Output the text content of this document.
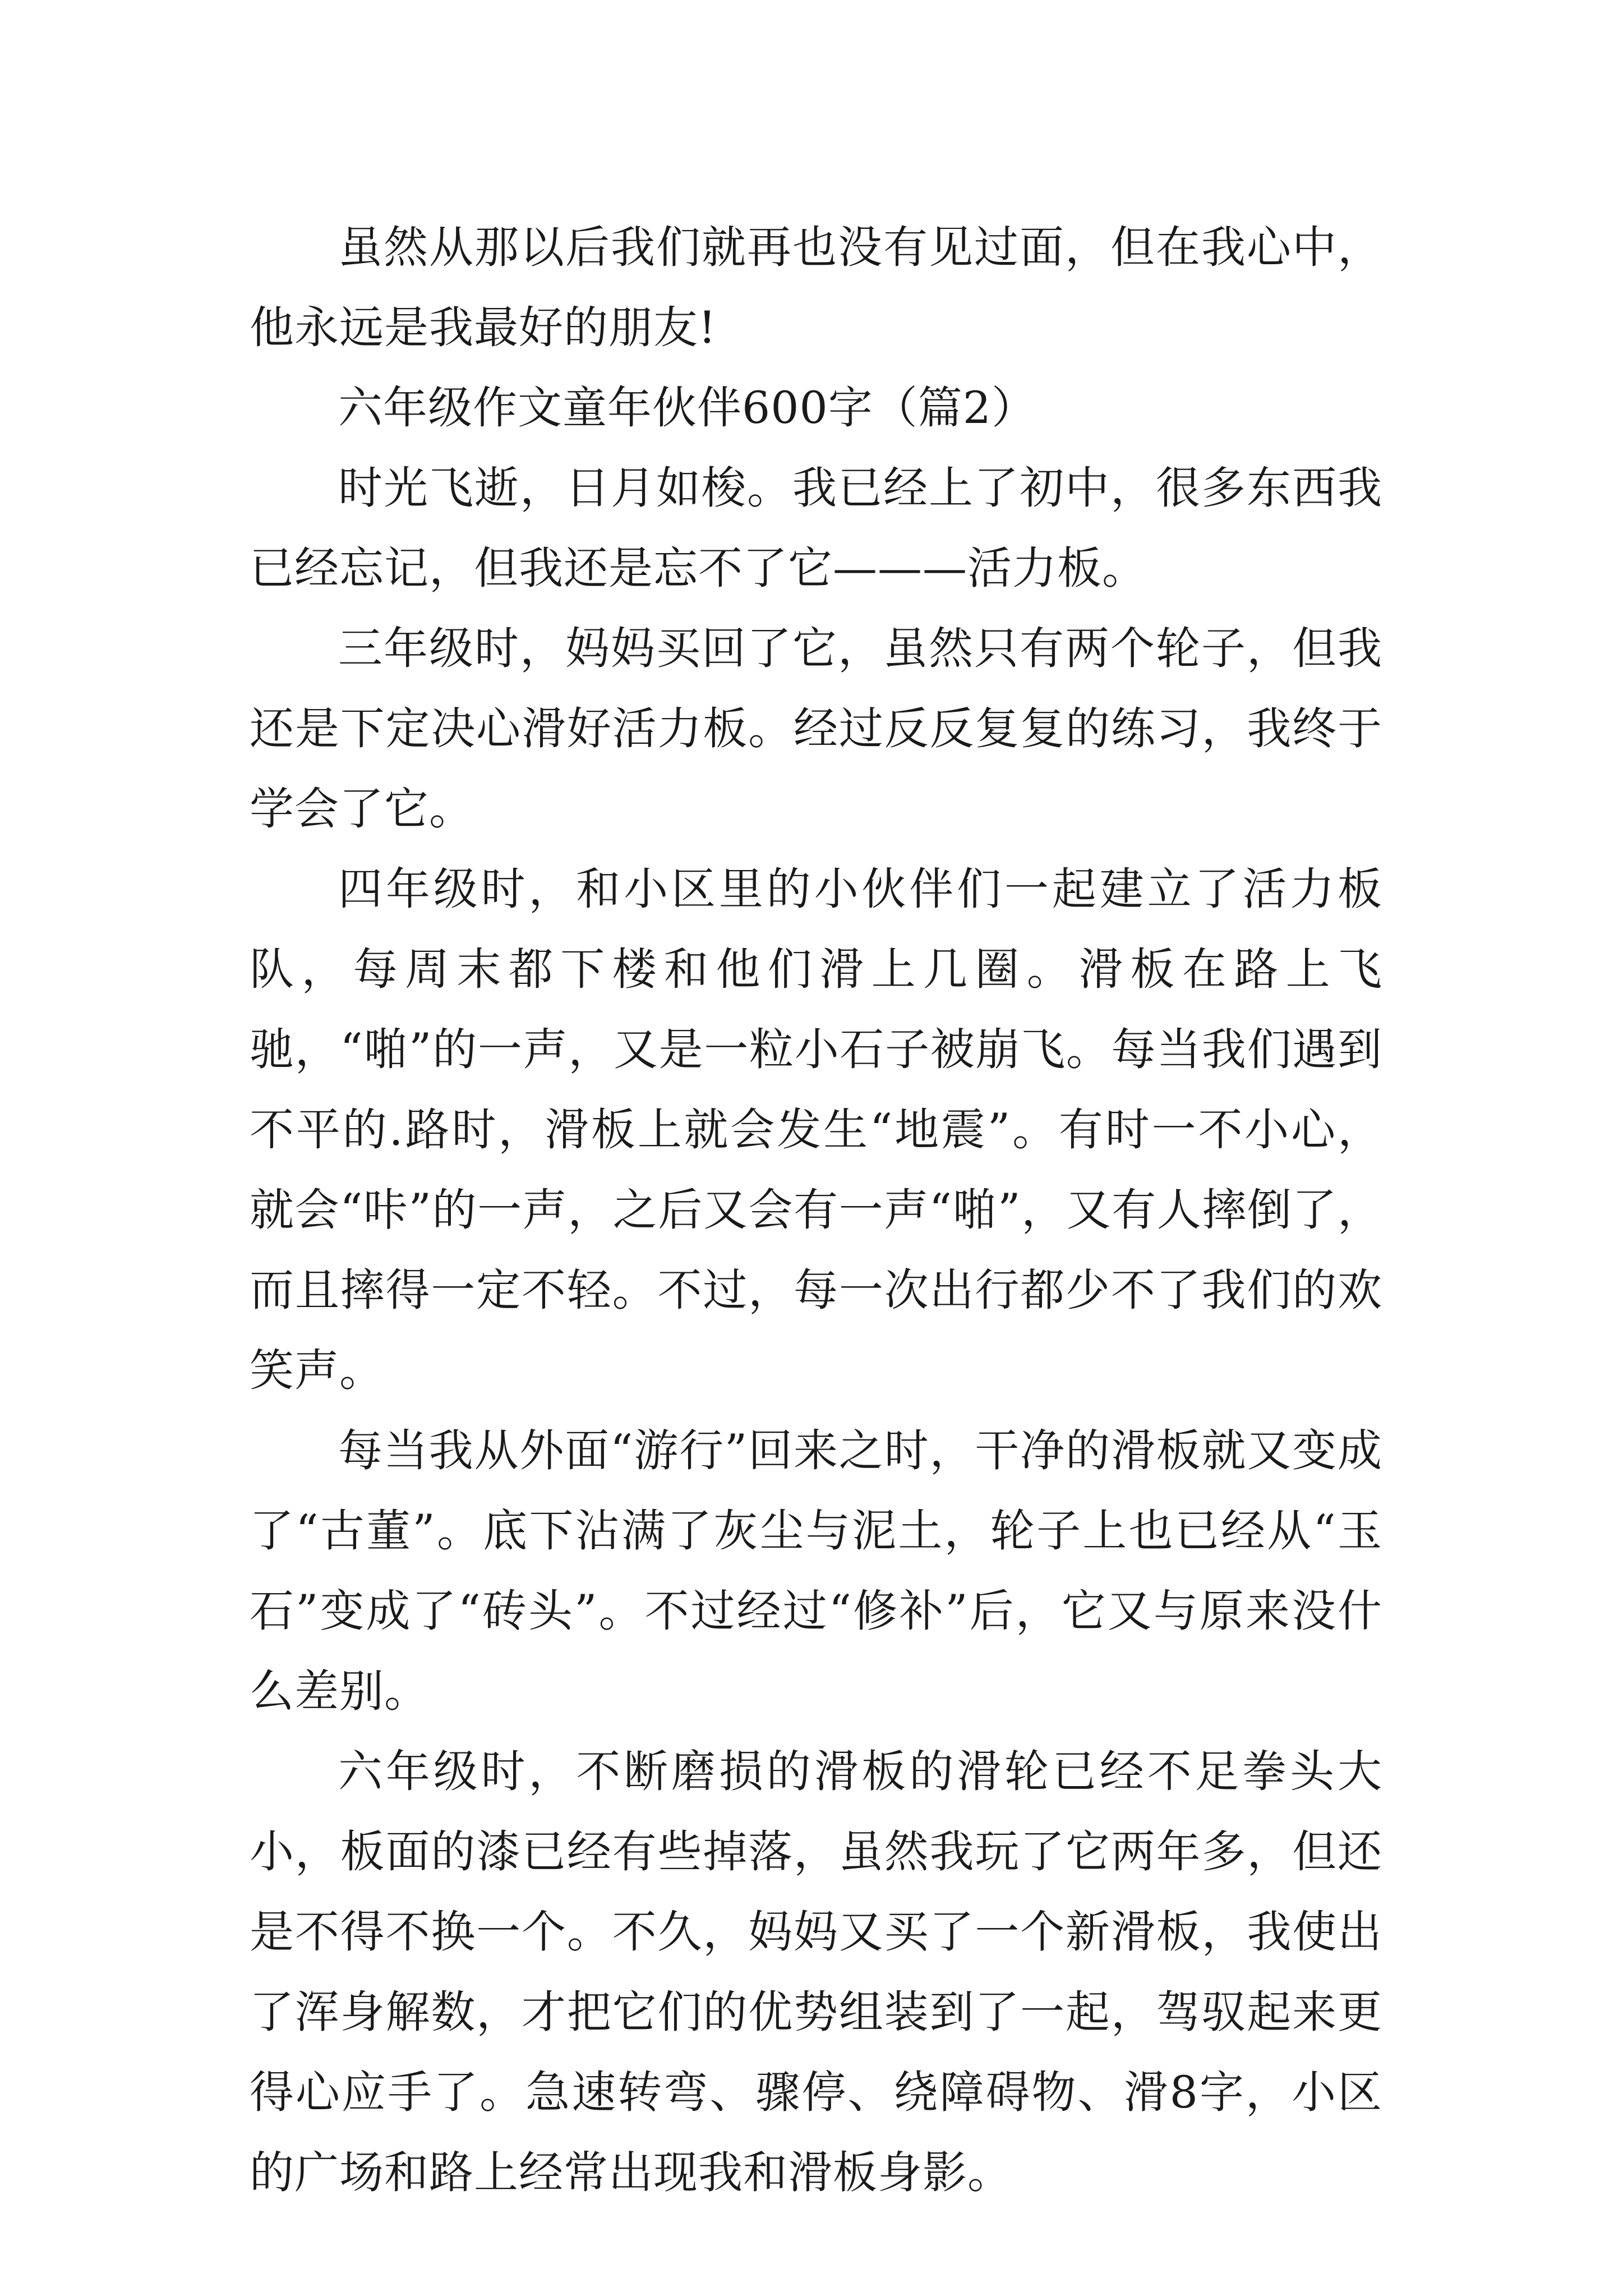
虽然从那以后我们就再也没有见过面，但在我心中，他永远是我最好的朋友!

六年级作文童年伙伴600字（篇2）

时光飞逝，日月如梭。我已经上了初中，很多东西我已经忘记，但我还是忘不了它———活力板。

三年级时，妈妈买回了它，虽然只有两个轮子，但我还是下定决心滑好活力板。经过反反复复的练习，我终于学会了它。

四年级时，和小区里的小伙伴们一起建立了活力板队，每周末都下楼和他们滑上几圈。滑板在路上飞驰，“啪”的一声，又是一粒小石子被崩飞。每当我们遇到不平的.路时，滑板上就会发生“地震”。有时一不小心，就会“咔”的一声，之后又会有一声“啪”，又有人摔倒了，而且摔得一定不轻。不过，每一次出行都少不了我们的欢笑声。

每当我从外面“游行”回来之时，干净的滑板就又变成了“古董”。底下沾满了灰尘与泥土，轮子上也已经从“玉石”变成了“砖头”。不过经过“修补”后，它又与原来没什么差别。

六年级时，不断磨损的滑板的滑轮已经不足拳头大小，板面的漆已经有些掉落，虽然我玩了它两年多，但还是不得不换一个。不久，妈妈又买了一个新滑板，我使出了浑身解数，才把它们的优势组装到了一起，驾驭起来更得心应手了。急速转弯、骤停、绕障碍物、滑8字，小区的广场和路上经常出现我和滑板身影。
